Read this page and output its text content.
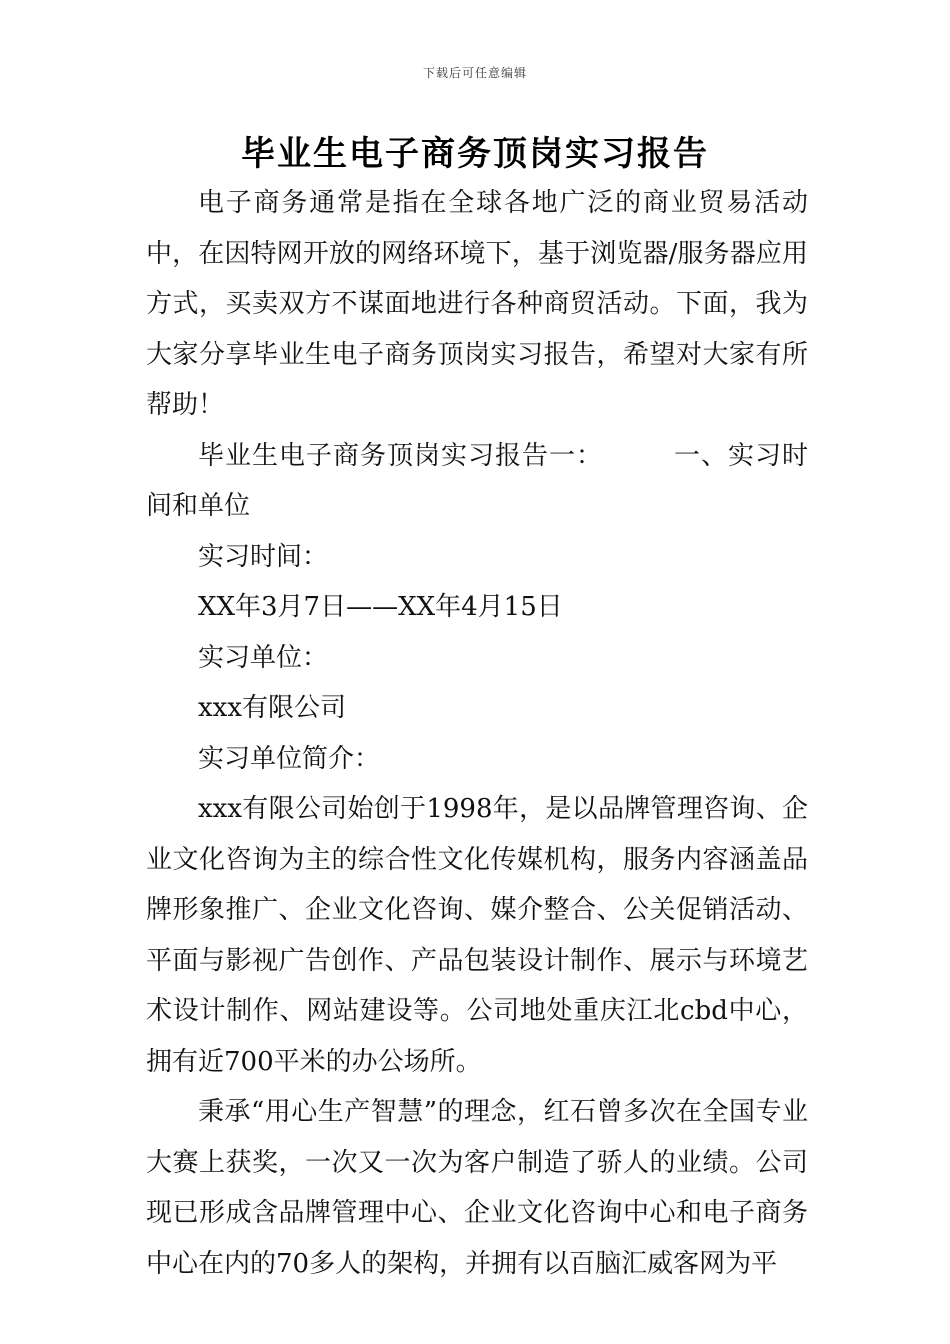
下载后可任意编辑
毕业生电子商务顶岗实习报告

电子商务通常是指在全球各地广泛的商业贸易活动中，在因特网开放的网络环境下，基于浏览器/服务器应用方式，买卖双方不谋面地进行各种商贸活动。下面，我为大家分享毕业生电子商务顶岗实习报告，希望对大家有所帮助！

毕业生电子商务顶岗实习报告一：	一、实习时间和单位

实习时间：

XX年3月7日——XX年4月15日

实习单位：

xxx有限公司

实习单位简介：

xxx有限公司始创于1998年，是以品牌管理咨询、企业文化咨询为主的综合性文化传媒机构，服务内容涵盖品牌形象推广、企业文化咨询、媒介整合、公关促销活动、平面与影视广告创作、产品包装设计制作、展示与环境艺术设计制作、网站建设等。公司地处重庆江北cbd中心，拥有近700平米的办公场所。

秉承“用心生产智慧”的理念，红石曾多次在全国专业大赛上获奖，一次又一次为客户制造了骄人的业绩。公司现已形成含品牌管理中心、企业文化咨询中心和电子商务中心在内的70多人的架构，并拥有以百脑汇威客网为平
